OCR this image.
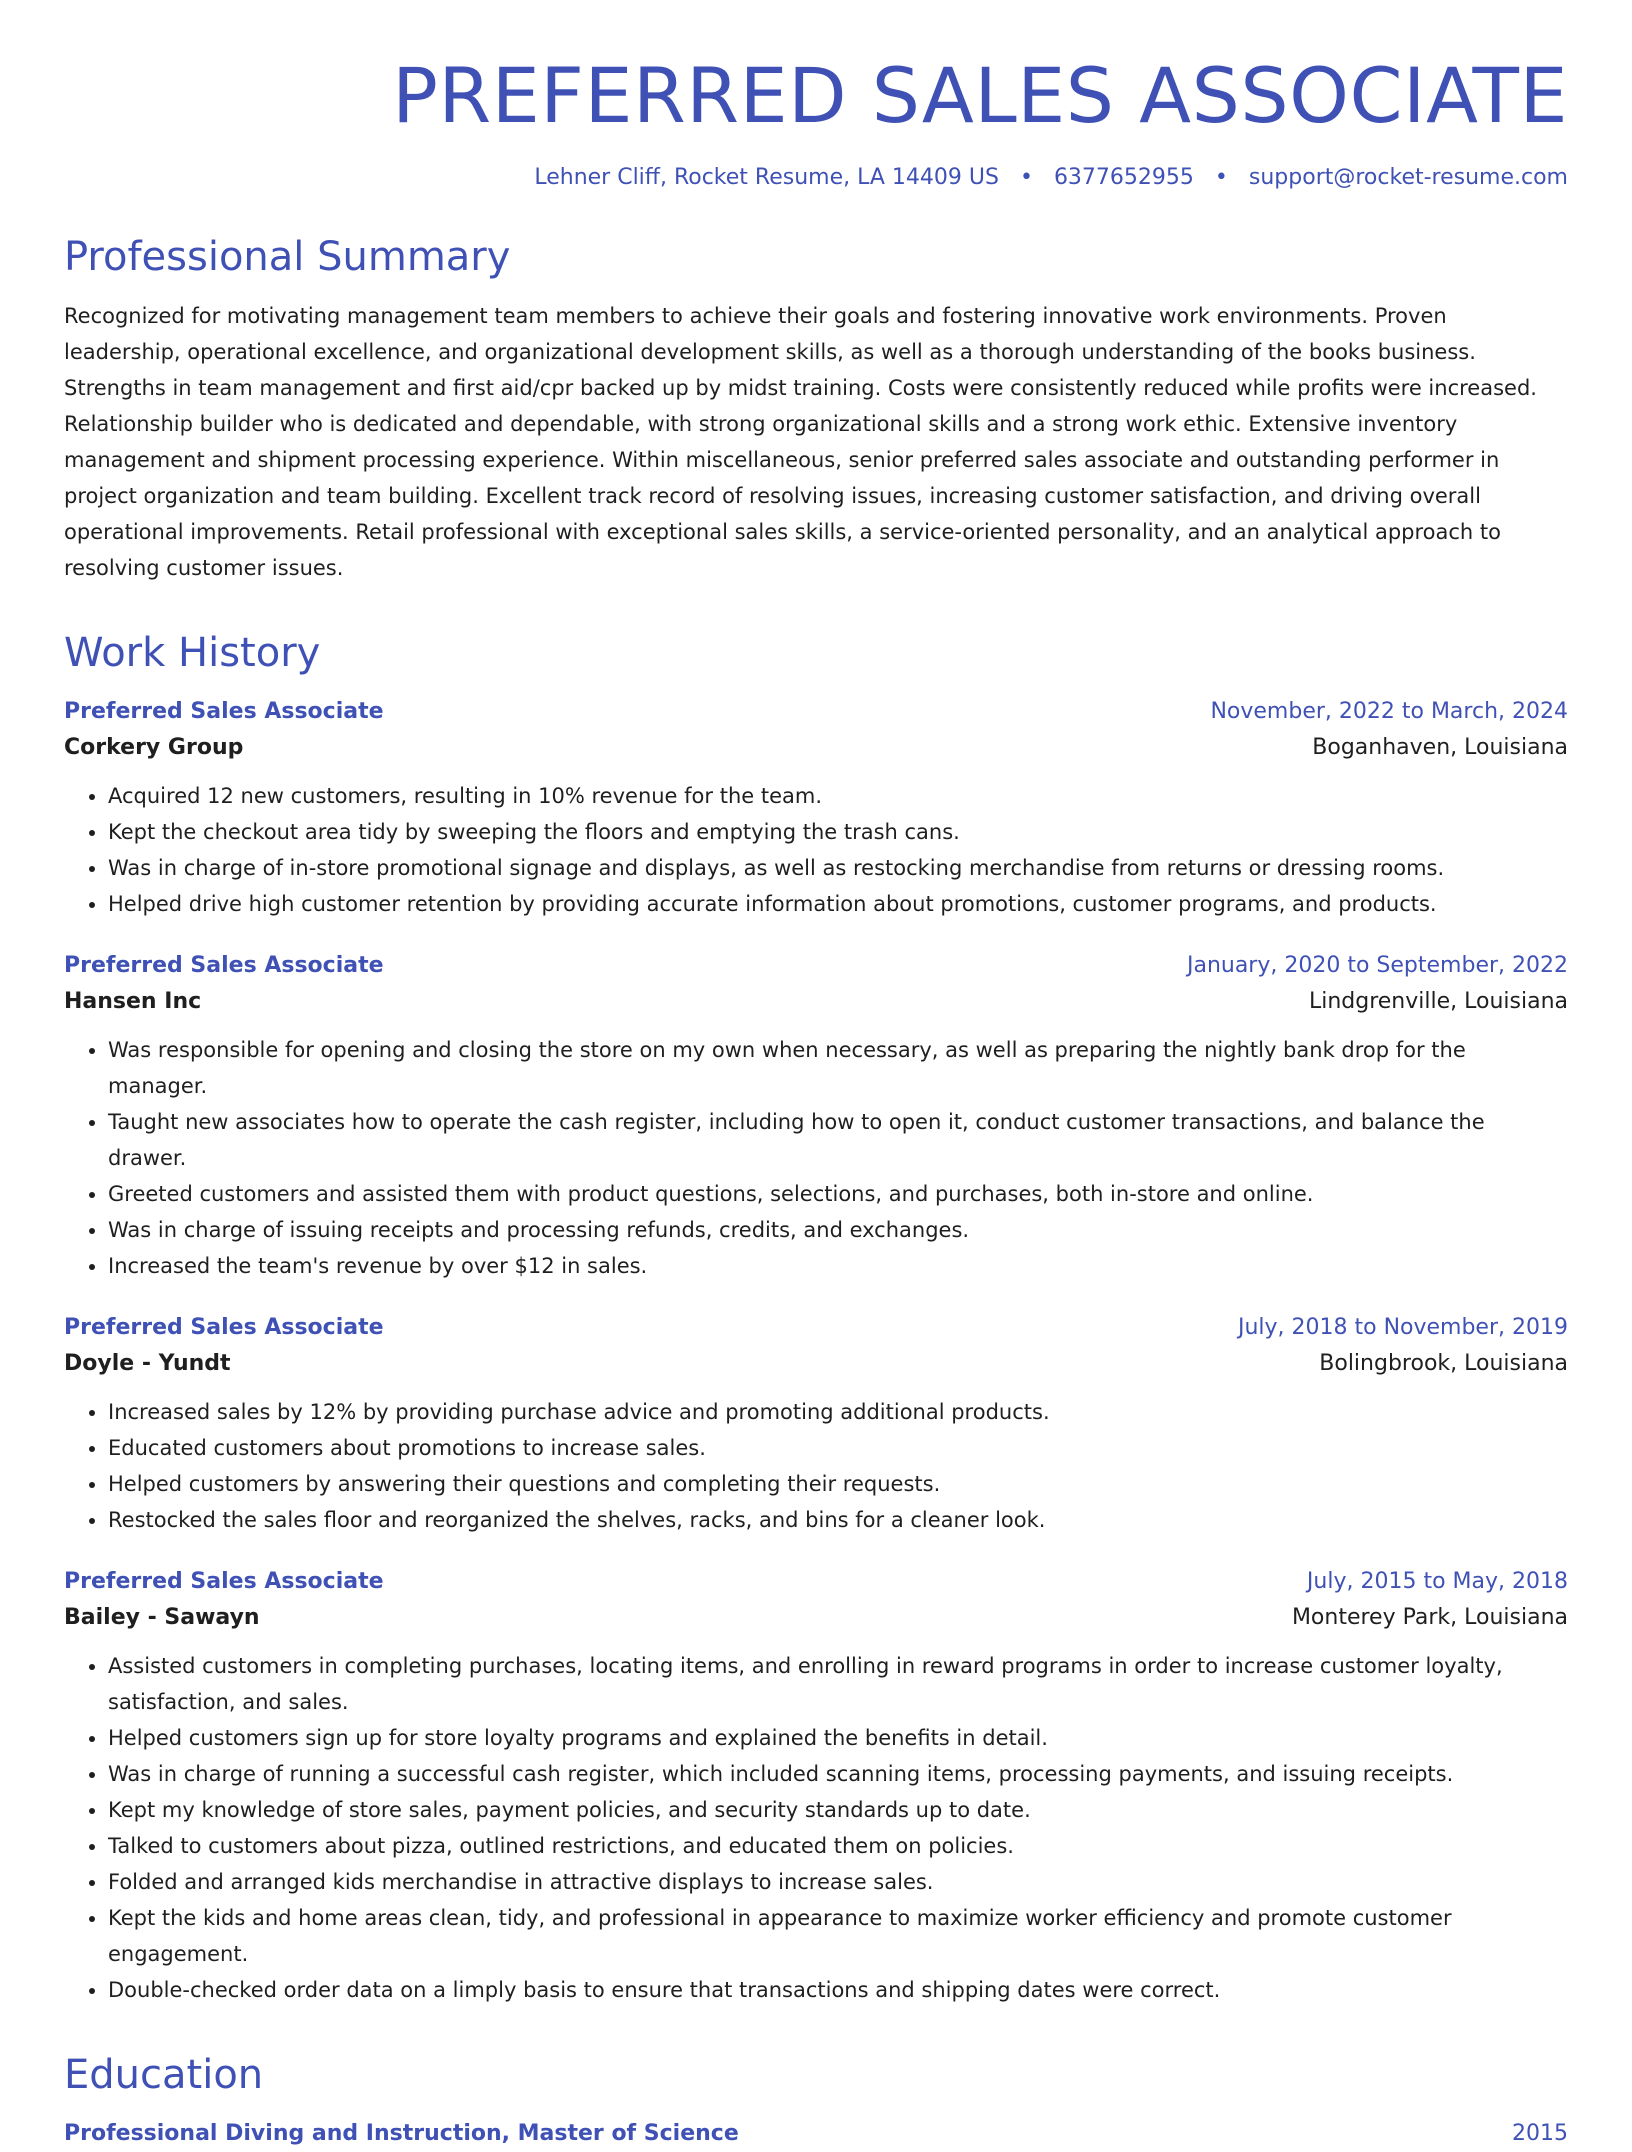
PREFERRED SALES ASSOCIATE
Lehner Cliff, Rocket Resume, LA 14409 US • 6377652955 • support@rocket-resume.com
Professional Summary

Recognized for motivating management team members to achieve their goals and fostering innovative work environments. Proven leadership, operational excellence, and organizational development skills, as well as a thorough understanding of the books business. Strengths in team management and first aid/cpr backed up by midst training. Costs were consistently reduced while profits were increased. Relationship builder who is dedicated and dependable, with strong organizational skills and a strong work ethic. Extensive inventory management and shipment processing experience. Within miscellaneous, senior preferred sales associate and outstanding performer in project organization and team building. Excellent track record of resolving issues, increasing customer satisfaction, and driving overall operational improvements. Retail professional with exceptional sales skills, a service-oriented personality, and an analytical approach to resolving customer issues.

Work History
Preferred Sales Associate	November, 2022 to March, 2024
Corkery Group	Boganhaven, Louisiana
• Acquired 12 new customers, resulting in 10% revenue for the team.
• Kept the checkout area tidy by sweeping the floors and emptying the trash cans.
• Was in charge of in-store promotional signage and displays, as well as restocking merchandise from returns or dressing rooms.
• Helped drive high customer retention by providing accurate information about promotions, customer programs, and products.
Preferred Sales Associate	January, 2020 to September, 2022
Hansen Inc	Lindgrenville, Louisiana
• Was responsible for opening and closing the store on my own when necessary, as well as preparing the nightly bank drop for the manager.
• Taught new associates how to operate the cash register, including how to open it, conduct customer transactions, and balance the drawer.
• Greeted customers and assisted them with product questions, selections, and purchases, both in-store and online.
• Was in charge of issuing receipts and processing refunds, credits, and exchanges.
• Increased the team's revenue by over $12 in sales.
Preferred Sales Associate	July, 2018 to November, 2019
Doyle - Yundt	Bolingbrook, Louisiana
• Increased sales by 12% by providing purchase advice and promoting additional products.
• Educated customers about promotions to increase sales.
• Helped customers by answering their questions and completing their requests.
• Restocked the sales floor and reorganized the shelves, racks, and bins for a cleaner look.
Preferred Sales Associate	July, 2015 to May, 2018
Bailey - Sawayn	Monterey Park, Louisiana
• Assisted customers in completing purchases, locating items, and enrolling in reward programs in order to increase customer loyalty, satisfaction, and sales.
• Helped customers sign up for store loyalty programs and explained the benefits in detail.
• Was in charge of running a successful cash register, which included scanning items, processing payments, and issuing receipts.
• Kept my knowledge of store sales, payment policies, and security standards up to date.
• Talked to customers about pizza, outlined restrictions, and educated them on policies.
• Folded and arranged kids merchandise in attractive displays to increase sales.
• Kept the kids and home areas clean, tidy, and professional in appearance to maximize worker efficiency and promote customer engagement.
• Double-checked order data on a limply basis to ensure that transactions and shipping dates were correct.
Education
Professional Diving and Instruction, Master of Science	2015
